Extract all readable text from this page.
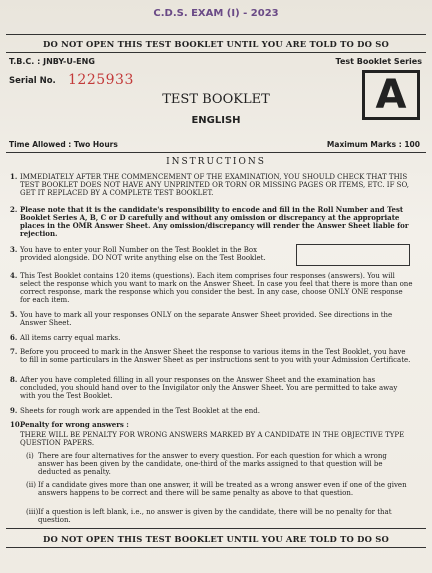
C.D.S. EXAM (I) - 2023
DO NOT OPEN THIS TEST BOOKLET UNTIL YOU ARE TOLD TO DO SO
T.B.C. : JNBY-U-ENG	Test Booklet Series
Serial No. 1225933
TEST BOOKLET
ENGLISH
A
Time Allowed : Two Hours	Maximum Marks : 100
INSTRUCTIONS
1. IMMEDIATELY AFTER THE COMMENCEMENT OF THE EXAMINATION, YOU SHOULD CHECK THAT THIS TEST BOOKLET DOES NOT HAVE ANY UNPRINTED OR TORN OR MISSING PAGES OR ITEMS, ETC. IF SO, GET IT REPLACED BY A COMPLETE TEST BOOKLET.
2. Please note that it is the candidate's responsibility to encode and fill in the Roll Number and Test Booklet Series A, B, C or D carefully and without any omission or discrepancy at the appropriate places in the OMR Answer Sheet. Any omission/discrepancy will render the Answer Sheet liable for rejection.
3. You have to enter your Roll Number on the Test Booklet in the Box provided alongside. DO NOT write anything else on the Test Booklet.
4. This Test Booklet contains 120 items (questions). Each item comprises four responses (answers). You will select the response which you want to mark on the Answer Sheet. In case you feel that there is more than one correct response, mark the response which you consider the best. In any case, choose ONLY ONE response for each item.
5. You have to mark all your responses ONLY on the separate Answer Sheet provided. See directions in the Answer Sheet.
6. All items carry equal marks.
7. Before you proceed to mark in the Answer Sheet the response to various items in the Test Booklet, you have to fill in some particulars in the Answer Sheet as per instructions sent to you with your Admission Certificate.
8. After you have completed filling in all your responses on the Answer Sheet and the examination has concluded, you should hand over to the Invigilator only the Answer Sheet. You are permitted to take away with you the Test Booklet.
9. Sheets for rough work are appended in the Test Booklet at the end.
10.
Penalty for wrong answers :
THERE WILL BE PENALTY FOR WRONG ANSWERS MARKED BY A CANDIDATE IN THE OBJECTIVE TYPE QUESTION PAPERS.
(i) There are four alternatives for the answer to every question. For each question for which a wrong answer has been given by the candidate, one-third of the marks assigned to that question will be deducted as penalty.
(ii) If a candidate gives more than one answer, it will be treated as a wrong answer even if one of the given answers happens to be correct and there will be same penalty as above to that question.
(iii) If a question is left blank, i.e., no answer is given by the candidate, there will be no penalty for that question.
DO NOT OPEN THIS TEST BOOKLET UNTIL YOU ARE TOLD TO DO SO
